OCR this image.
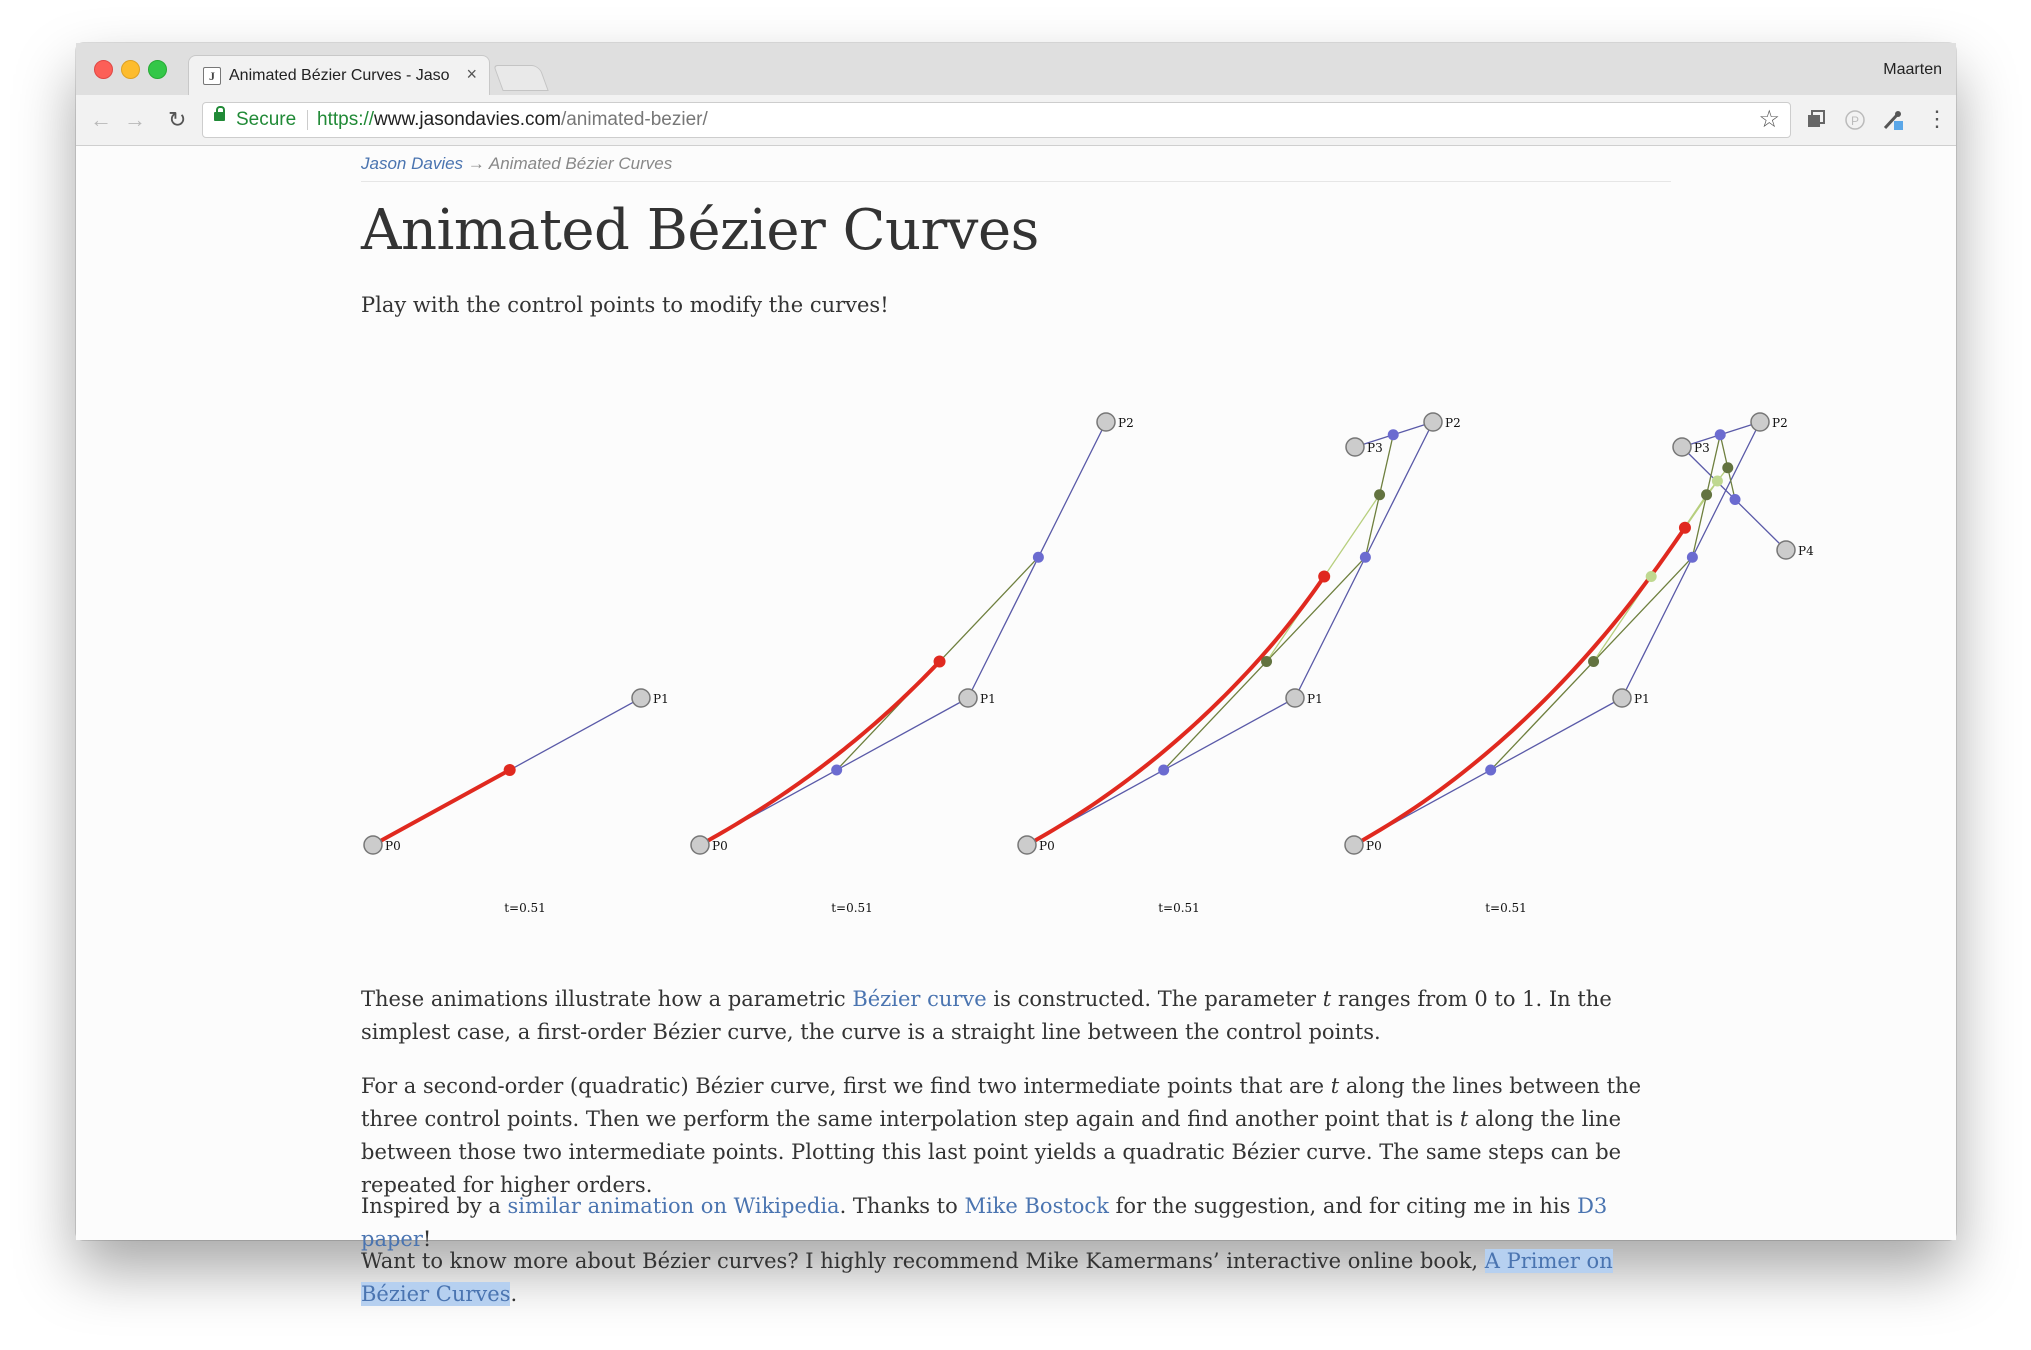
J Animated Bézier Curves - Jaso ×	Maarten
← → ↻	Secure https://www.jasondavies.com/animated-bezier/	☆	P	⋮
Jason Davies → Animated Bézier Curves
Animated Bézier Curves
Play with the control points to modify the curves!
P0
P1
t=0.51
P0
P1
P2
t=0.51
P0
P1
P2
P3
t=0.51
P0
P1
P2
P3
P4
t=0.51
These animations illustrate how a parametric Bézier curve is constructed. The parameter t ranges from 0 to 1. In the simplest case, a first-order Bézier curve, the curve is a straight line between the control points.
For a second-order (quadratic) Bézier curve, first we find two intermediate points that are t along the lines between the three control points. Then we perform the same interpolation step again and find another point that is t along the line between those two intermediate points. Plotting this last point yields a quadratic Bézier curve. The same steps can be repeated for higher orders.
Inspired by a similar animation on Wikipedia. Thanks to Mike Bostock for the suggestion, and for citing me in his D3 paper!
Want to know more about Bézier curves? I highly recommend Mike Kamermans’ interactive online book, A Primer on Bézier Curves.
